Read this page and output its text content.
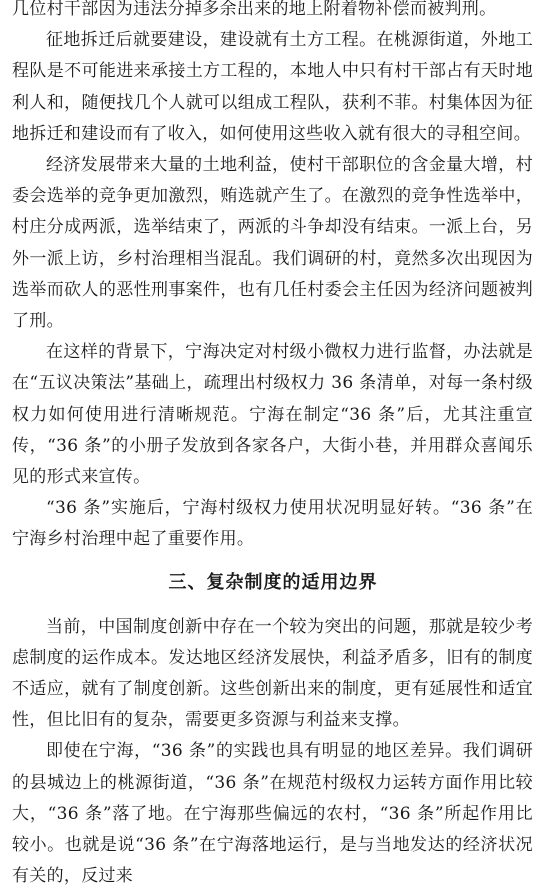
几位村干部因为违法分掉多余出来的地上附着物补偿而被判刑。

征地拆迁后就要建设，建设就有土方工程。在桃源街道，外地工程队是不可能进来承接土方工程的，本地人中只有村干部占有天时地利人和，随便找几个人就可以组成工程队，获利不菲。村集体因为征地拆迁和建设而有了收入，如何使用这些收入就有很大的寻租空间。

经济发展带来大量的土地利益，使村干部职位的含金量大增，村委会选举的竞争更加激烈，贿选就产生了。在激烈的竞争性选举中，村庄分成两派，选举结束了，两派的斗争却没有结束。一派上台，另外一派上访，乡村治理相当混乱。我们调研的村，竟然多次出现因为选举而砍人的恶性刑事案件，也有几任村委会主任因为经济问题被判了刑。

在这样的背景下，宁海决定对村级小微权力进行监督，办法就是在“五议决策法”基础上，疏理出村级权力 36 条清单，对每一条村级权力如何使用进行清晰规范。宁海在制定“36 条”后，尤其注重宣传，“36 条”的小册子发放到各家各户，大街小巷，并用群众喜闻乐见的形式来宣传。

“36 条”实施后，宁海村级权力使用状况明显好转。“36 条”在宁海乡村治理中起了重要作用。

三、复杂制度的适用边界

当前，中国制度创新中存在一个较为突出的问题，那就是较少考虑制度的运作成本。发达地区经济发展快，利益矛盾多，旧有的制度不适应，就有了制度创新。这些创新出来的制度，更有延展性和适宜性，但比旧有的复杂，需要更多资源与利益来支撑。

即使在宁海，“36 条”的实践也具有明显的地区差异。我们调研的县城边上的桃源街道，“36 条”在规范村级权力运转方面作用比较大，“36 条”落了地。在宁海那些偏远的农村，“36 条”所起作用比较小。也就是说“36 条”在宁海落地运行，是与当地发达的经济状况有关的，反过来
